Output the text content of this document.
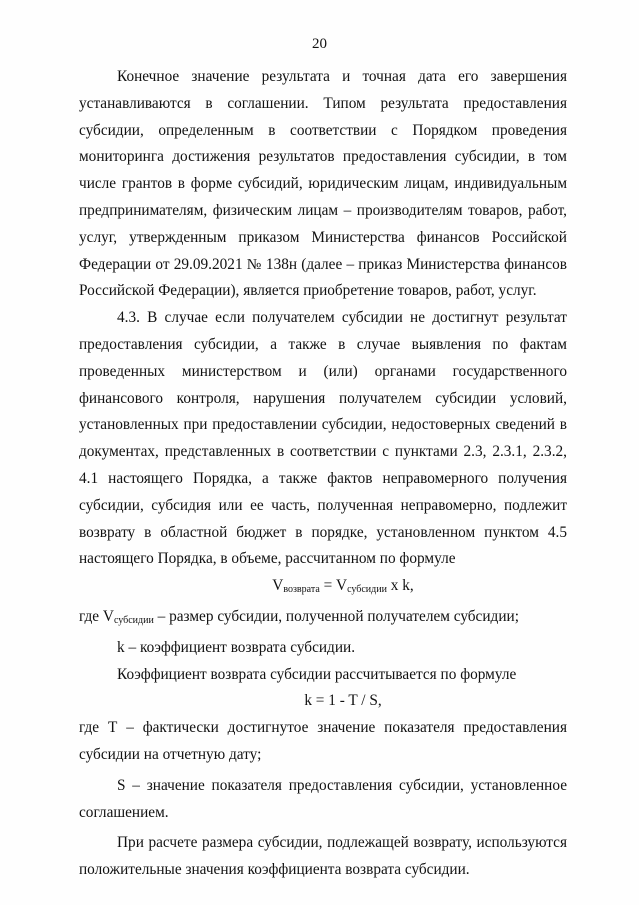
20
Конечное значение результата и точная дата его завершения
устанавливаются в соглашении. Типом результата предоставления
субсидии, определенным в соответствии с Порядком проведения
мониторинга достижения результатов предоставления субсидии, в том
числе грантов в форме субсидий, юридическим лицам, индивидуальным
предпринимателям, физическим лицам – производителям товаров, работ,
услуг, утвержденным приказом Министерства финансов Российской
Федерации от 29.09.2021 № 138н (далее – приказ Министерства финансов
Российской Федерации), является приобретение товаров, работ, услуг.
4.3. В случае если получателем субсидии не достигнут результат
предоставления субсидии, а также в случае выявления по фактам
проведенных министерством и (или) органами государственного
финансового контроля, нарушения получателем субсидии условий,
установленных при предоставлении субсидии, недостоверных сведений в
документах, представленных в соответствии с пунктами 2.3, 2.3.1, 2.3.2,
4.1 настоящего Порядка, а также фактов неправомерного получения
субсидии, субсидия или ее часть, полученная неправомерно, подлежит
возврату в областной бюджет в порядке, установленном пунктом 4.5
настоящего Порядка, в объеме, рассчитанном по формуле
$V_{возврата} = V_{субсидии}$ x k,
где $V_{субсидии}$ – размер субсидии, полученной получателем субсидии;
k – коэффициент возврата субсидии.
Коэффициент возврата субсидии рассчитывается по формуле
k = 1 - T / S,
где Т – фактически достигнутое значение показателя предоставления
субсидии на отчетную дату;
S – значение показателя предоставления субсидии, установленное
соглашением.
При расчете размера субсидии, подлежащей возврату, используются
положительные значения коэффициента возврата субсидии.
